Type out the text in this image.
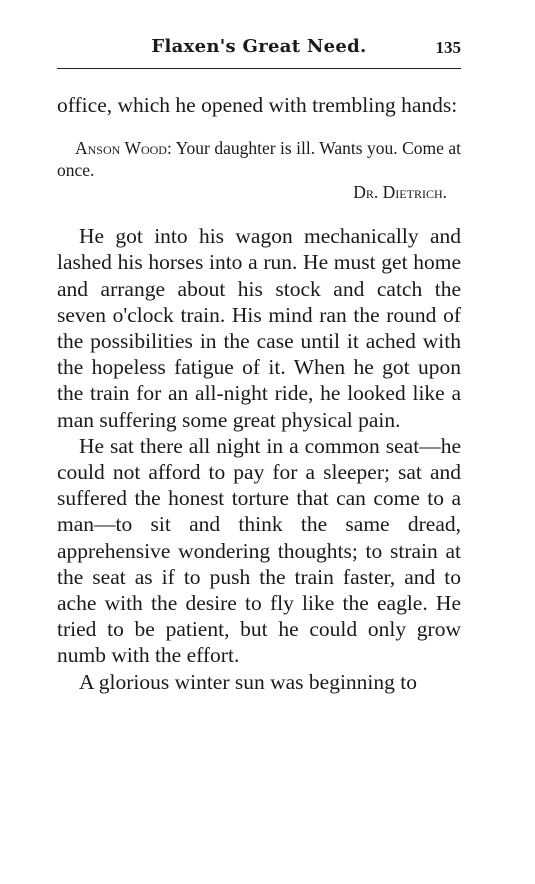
Flaxen's Great Need.	135

office, which he opened with trembling hands:

Anson Wood: Your daughter is ill. Wants you. Come at once.

Dr. Dietrich.

He got into his wagon mechanically and lashed his horses into a run. He must get home and arrange about his stock and catch the seven o'clock train. His mind ran the round of the possibilities in the case until it ached with the hopeless fatigue of it. When he got upon the train for an all-night ride, he looked like a man suffering some great physical pain.

He sat there all night in a common seat—he could not afford to pay for a sleeper; sat and suffered the honest torture that can come to a man—to sit and think the same dread, apprehensive wondering thoughts; to strain at the seat as if to push the train faster, and to ache with the desire to fly like the eagle. He tried to be patient, but he could only grow numb with the effort.

A glorious winter sun was beginning to
